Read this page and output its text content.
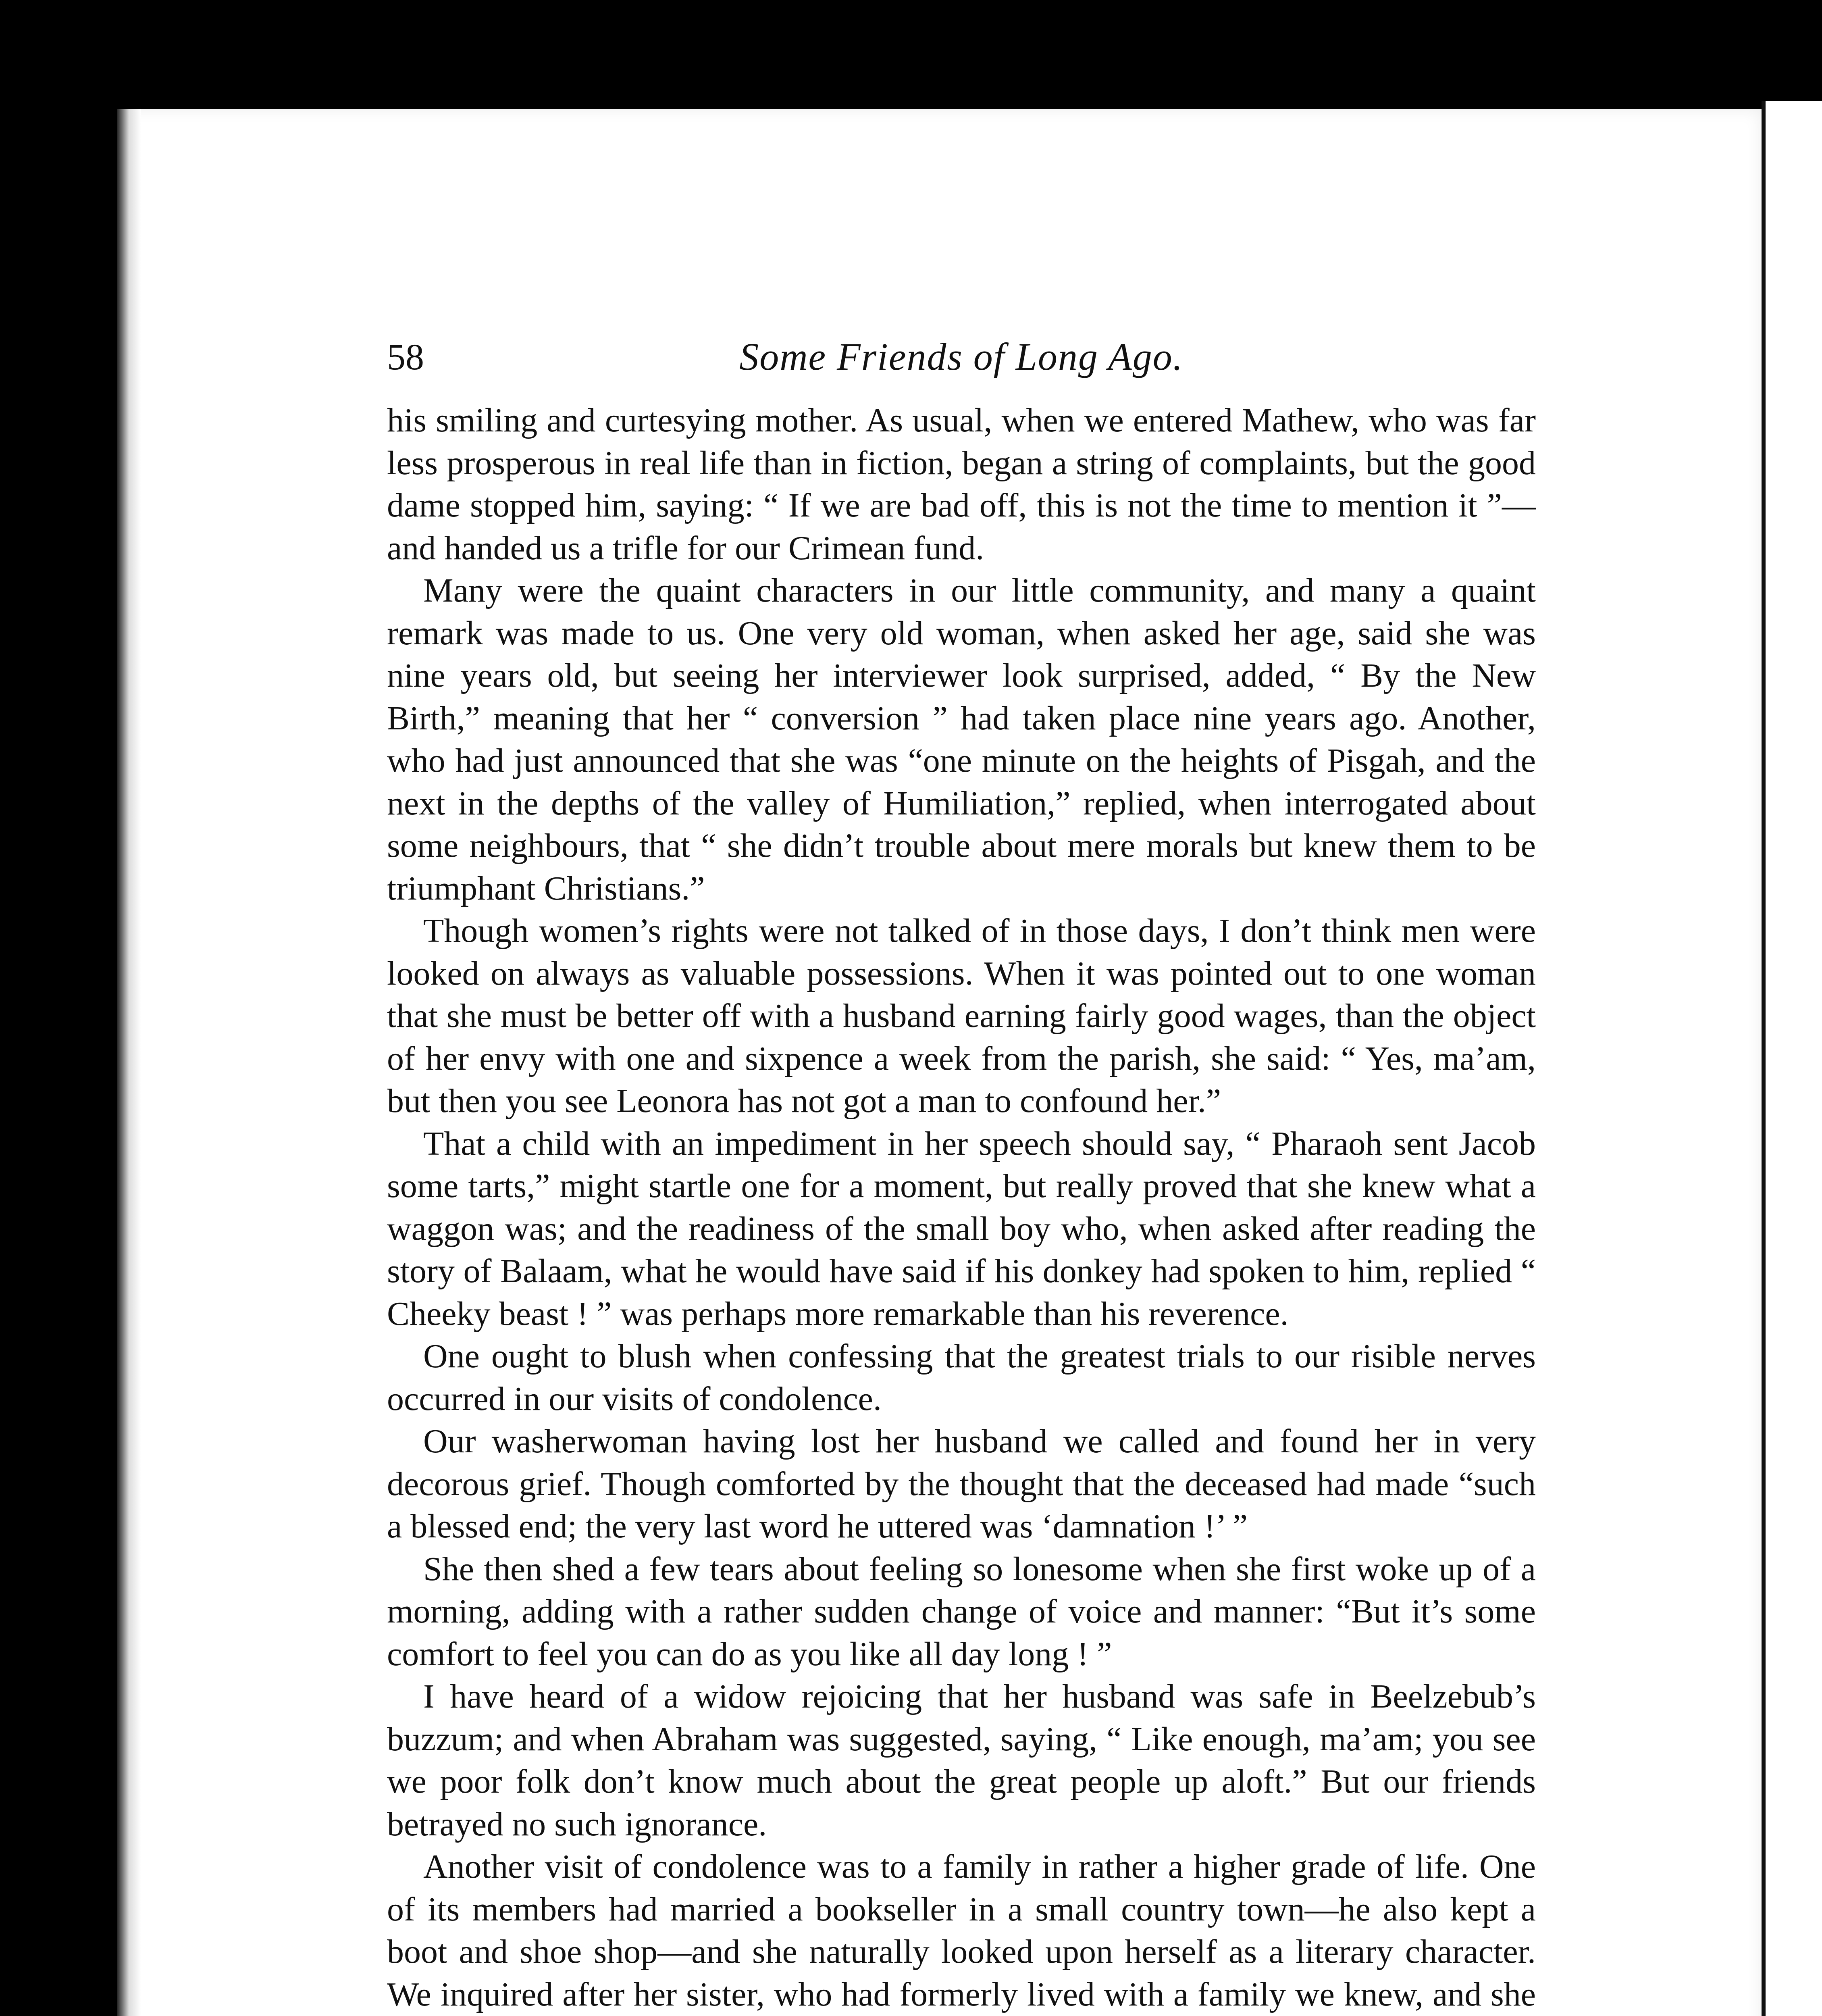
58	Some Friends of Long Ago.

his smiling and curtesying mother. As usual, when we entered Mathew, who was far less prosperous in real life than in fiction, began a string of complaints, but the good dame stopped him, saying: “ If we are bad off, this is not the time to mention it ”—and handed us a trifle for our Crimean fund.

Many were the quaint characters in our little community, and many a quaint remark was made to us. One very old woman, when asked her age, said she was nine years old, but seeing her interviewer look surprised, added, “ By the New Birth,” meaning that her “ conversion ” had taken place nine years ago. Another, who had just announced that she was “one minute on the heights of Pisgah, and the next in the depths of the valley of Humiliation,” replied, when interrogated about some neighbours, that “ she didn’t trouble about mere morals but knew them to be triumphant Christians.”

Though women’s rights were not talked of in those days, I don’t think men were looked on always as valuable possessions. When it was pointed out to one woman that she must be better off with a husband earning fairly good wages, than the object of her envy with one and sixpence a week from the parish, she said: “ Yes, ma’am, but then you see Leonora has not got a man to confound her.”

That a child with an impediment in her speech should say, “ Pharaoh sent Jacob some tarts,” might startle one for a moment, but really proved that she knew what a waggon was; and the readiness of the small boy who, when asked after reading the story of Balaam, what he would have said if his donkey had spoken to him, replied “ Cheeky beast ! ” was perhaps more remarkable than his reverence.

One ought to blush when confessing that the greatest trials to our risible nerves occurred in our visits of condolence.

Our washerwoman having lost her husband we called and found her in very decorous grief. Though comforted by the thought that the deceased had made “such a blessed end; the very last word he uttered was ‘damnation !’ ”

She then shed a few tears about feeling so lonesome when she first woke up of a morning, adding with a rather sudden change of voice and manner: “But it’s some comfort to feel you can do as you like all day long ! ”

I have heard of a widow rejoicing that her husband was safe in Beelzebub’s buzzum; and when Abraham was suggested, saying, “ Like enough, ma’am; you see we poor folk don’t know much about the great people up aloft.” But our friends betrayed no such ignorance.

Another visit of condolence was to a family in rather a higher grade of life. One of its members had married a bookseller in a small country town—he also kept a boot and shoe shop—and she naturally looked upon herself as a literary character. We inquired after her sister, who had formerly lived with a family we knew, and she
